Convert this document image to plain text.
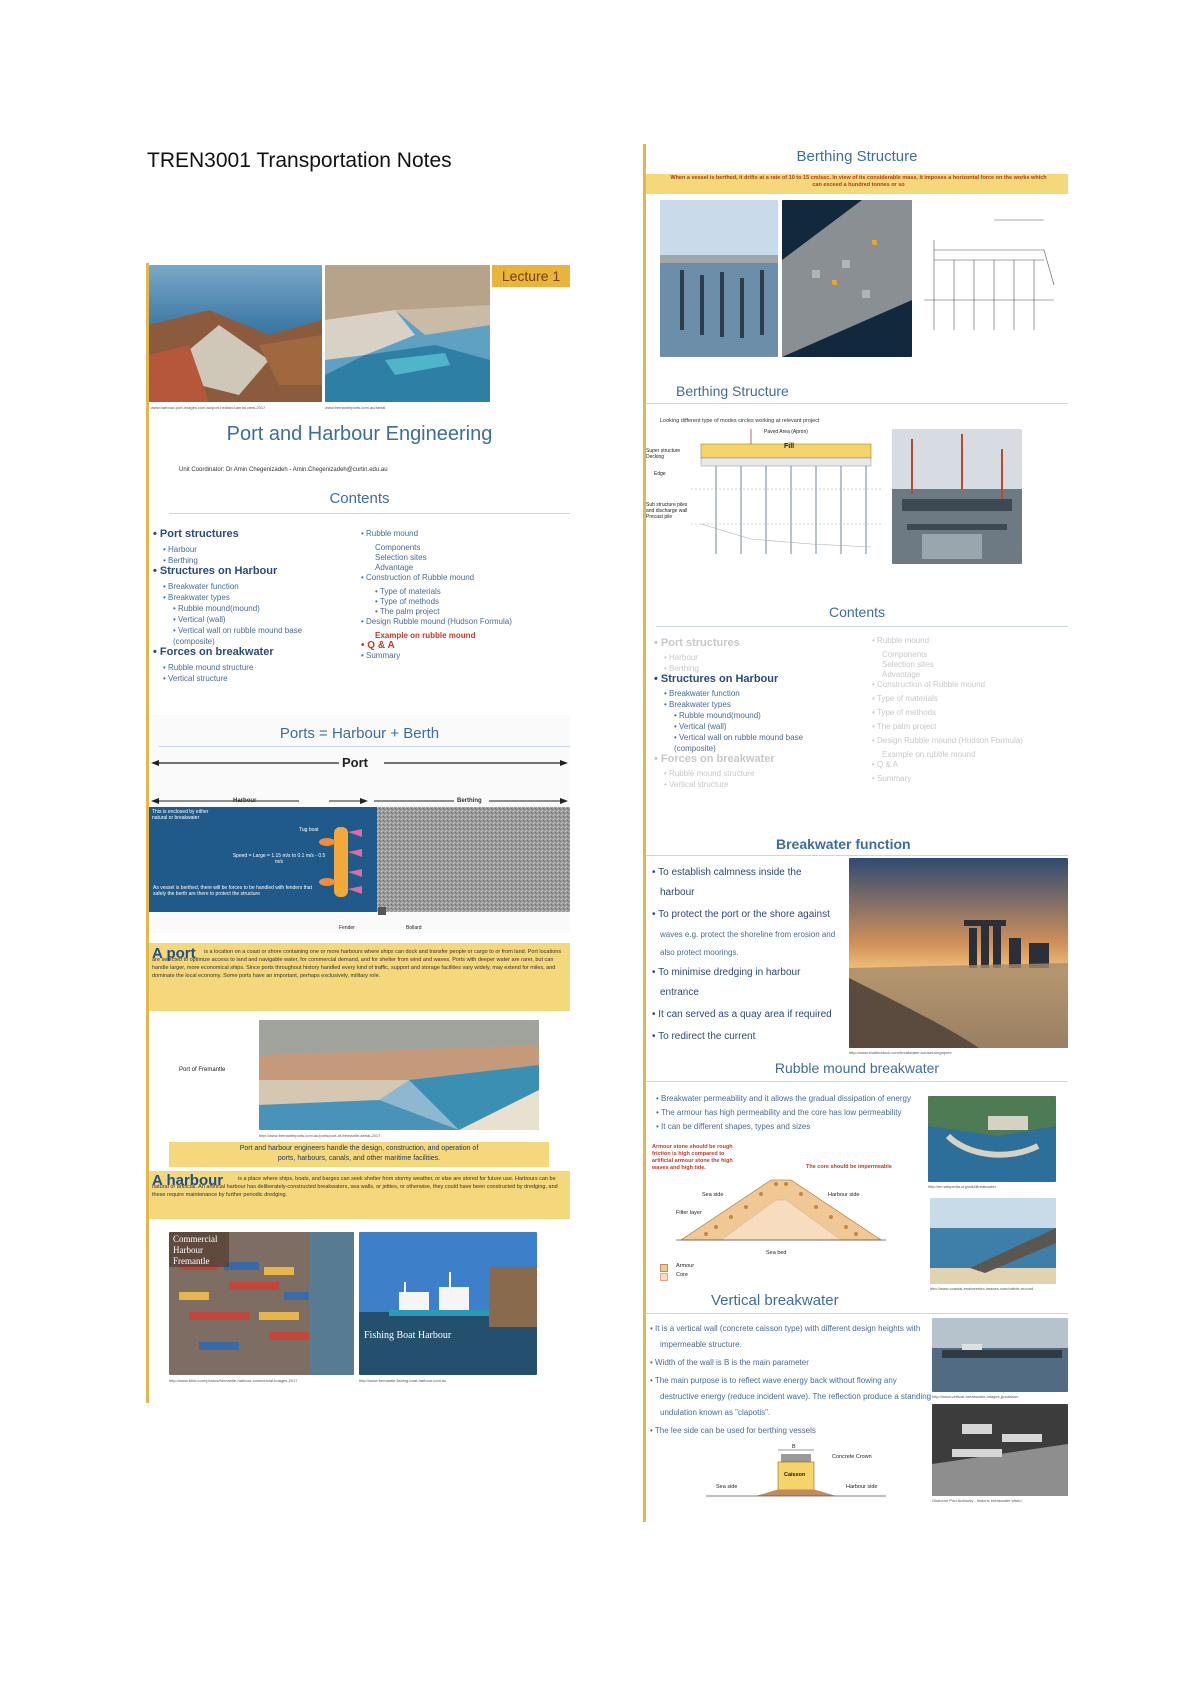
TREN3001 Transportation Notes
Lecture 1
www.harbour-port-images.com.au/port-hedland-aerial-view-2017	www.fremantleports.com.au/aerial
Port and Harbour Engineering
Unit Coordinator: Dr Amin Chegenizadeh - Amin.Chegenizadeh@curtin.edu.au
Contents
• Port structures
• Harbour
• Berthing
• Structures on Harbour
• Breakwater function
• Breakwater types
• Rubble mound(mound)
• Vertical (wall)
• Vertical wall on rubble mound base
(composite)
• Forces on breakwater
• Rubble mound structure
• Vertical structure
• Rubble mound
Components
Selection sites
Advantage
• Construction of Rubble mound
• Type of materials
• Type of methods
• The palm project
• Design Rubble mound (Hudson Formula)
Example on rubble mound
• Q & A
• Summary
Ports = Harbour + Berth
Port
Harbour	Berthing
This is enclosed by either natural or breakwater
Tug boat
Speed = Large = 1.15 m/s to 0.1 m/s - 0.5 m/s
As vessel is berthed, there will be forces to be handled with fenders that safely the berth are there to protect the structure
Fender	Bollard
A port	is a location on a coast or shore containing one or more harbours where ships can dock and transfer people or cargo to or from land. Port locations are selected to optimize access to land and navigable water, for commercial demand, and for shelter from wind and waves. Ports with deeper water are rarer, but can handle larger, more economical ships. Since ports throughout history handled every kind of traffic, support and storage facilities vary widely, may extend for miles, and dominate the local economy. Some ports have an important, perhaps exclusively, military role.
Port of Fremantle
http://www.fremantleports.com.au/ports/port-of-fremantle-aerial-2017
Port and harbour engineers handle the design, construction, and operation of
ports, harbours, canals, and other maritime facilities.
A harbour	is a place where ships, boats, and barges can seek shelter from stormy weather, or else are stored for future use. Harbours can be natural or artificial. An artificial harbour has deliberately-constructed breakwaters, sea walls, or jetties, or otherwise, they could have been constructed by dredging, and these require maintenance by further periodic dredging.
Commercial Harbour Fremantle
Fishing Boat Harbour
http://www.flickr.com/photos/fremantle-harbour-commercial-images-2017	http://www.fremantle-fishing-boat-harbour.com.au
Berthing Structure
When a vessel is berthed, it drifts at a rate of 10 to 15 cm/sec. In view of its considerable mass, it imposes a horizontal force on the works which can exceed a hundred tonnes or so
Berthing Structure
Looking different type of modes circles working at relevant project
Paved Area (Apron)
Fill
Super structure Decking
Edge
Sub structure piles and discharge wall Precast pile
Contents
• Port structures
• Harbour
• Berthing
• Structures on Harbour
• Breakwater function
• Breakwater types
• Rubble mound(mound)
• Vertical (wall)
• Vertical wall on rubble mound base
(composite)
• Forces on breakwater
• Rubble mound structure
• Vertical structure
• Rubble mound
Components
Selection sites
Advantage
• Construction of Rubble mound
• Type of materials
• Type of methods
• The palm project
• Design Rubble mound (Hudson Formula)
Example on rubble mound
• Q & A
• Summary
Breakwater function
• To establish calmness inside the
harbour
• To protect the port or the shore against
waves e.g. protect the shoreline from erosion and
also protect moorings.
• To minimise dredging in harbour
entrance
• It can served as a quay area if required
• To redirect the current
http://www.shutterstock.com/breakwater-sunset-singapore
Rubble mound breakwater
• Breakwater permeability and it allows the gradual dissipation of energy
• The armour has high permeability and the core has low permeability
• It can be different shapes, types and sizes
Armour stone should be rough friction is high compared to artificial armour stone the high waves and high tide.	The core should be impermeable
Sea side	Harbour side
Filter layer
Sea bed
Armour
Core
http://en.wikipedia.org/wiki/Breakwater
http://www.coastal-engineering-images.com/rubble-mound
Vertical breakwater
• It is a vertical wall (concrete caisson type) with different design heights with
impermeable structure.
• Width of the wall is B is the main parameter
• The main purpose is to reflect wave energy back without flowing any
destructive energy (reduce incident wave). The reflection produce a standing
undulation known as "clapotis".
• The lee side can be used for berthing vessels
B
Concrete Crown
Caisson
Sea side	Harbour side
http://www.vertical-breakwater-images.jp/caisson
Gisborne Port Authority - historic breakwater photo
